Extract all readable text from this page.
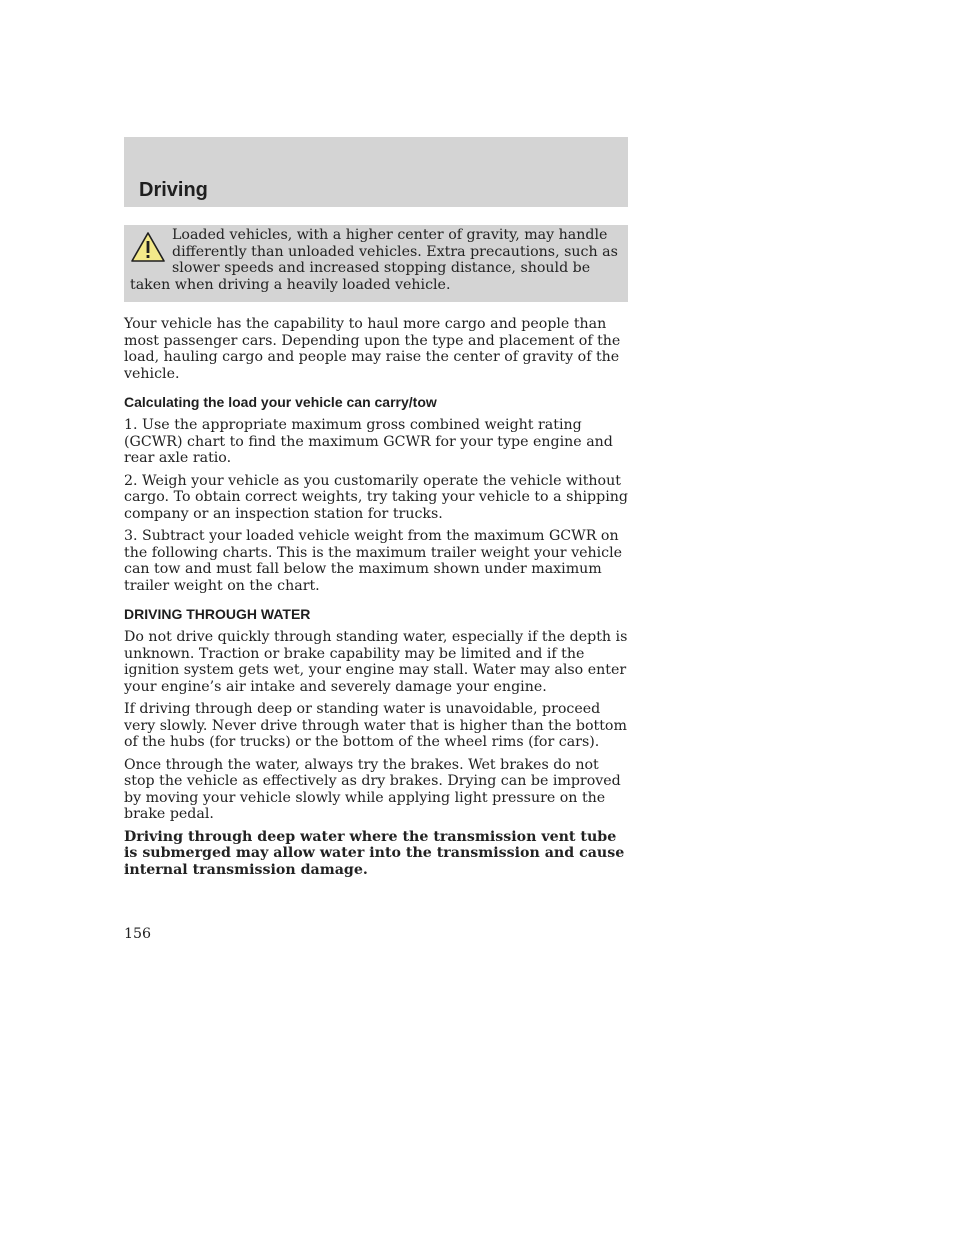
Driving

Loaded vehicles, with a higher center of gravity, may handle differently than unloaded vehicles. Extra precautions, such as slower speeds and increased stopping distance, should be taken when driving a heavily loaded vehicle.

Your vehicle has the capability to haul more cargo and people than most passenger cars. Depending upon the type and placement of the load, hauling cargo and people may raise the center of gravity of the vehicle.

Calculating the load your vehicle can carry/tow

1. Use the appropriate maximum gross combined weight rating (GCWR) chart to find the maximum GCWR for your type engine and rear axle ratio.

2. Weigh your vehicle as you customarily operate the vehicle without cargo. To obtain correct weights, try taking your vehicle to a shipping company or an inspection station for trucks.

3. Subtract your loaded vehicle weight from the maximum GCWR on the following charts. This is the maximum trailer weight your vehicle can tow and must fall below the maximum shown under maximum trailer weight on the chart.

DRIVING THROUGH WATER

Do not drive quickly through standing water, especially if the depth is unknown. Traction or brake capability may be limited and if the ignition system gets wet, your engine may stall. Water may also enter your engine’s air intake and severely damage your engine.

If driving through deep or standing water is unavoidable, proceed very slowly. Never drive through water that is higher than the bottom of the hubs (for trucks) or the bottom of the wheel rims (for cars).

Once through the water, always try the brakes. Wet brakes do not stop the vehicle as effectively as dry brakes. Drying can be improved by moving your vehicle slowly while applying light pressure on the brake pedal.

Driving through deep water where the transmission vent tube is submerged may allow water into the transmission and cause internal transmission damage.

156
